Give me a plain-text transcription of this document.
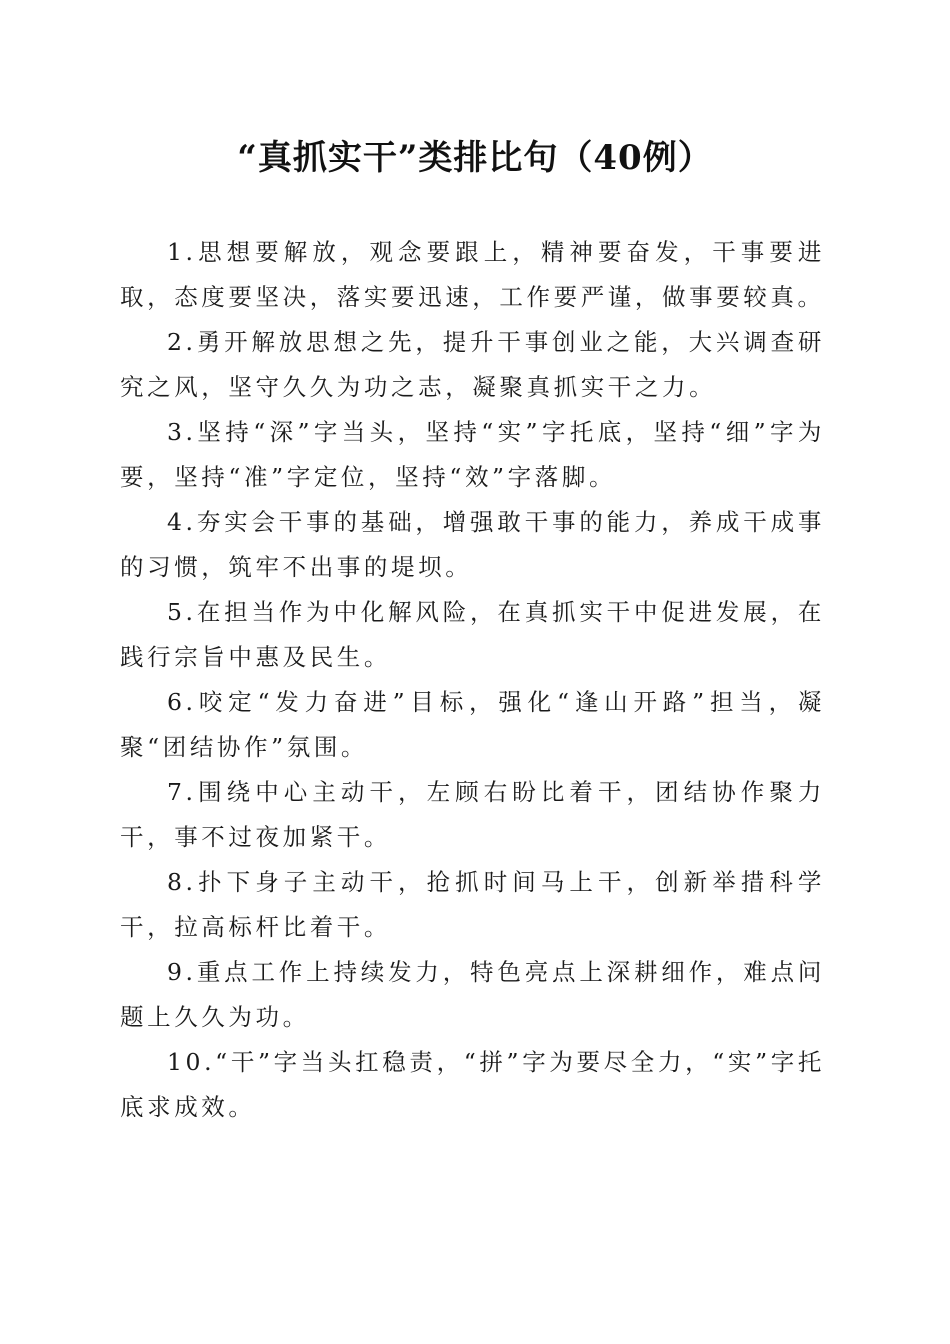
“真抓实干”类排比句（40例）

1.思想要解放，观念要跟上，精神要奋发，干事要进取，态度要坚决，落实要迅速，工作要严谨，做事要较真。

2.勇开解放思想之先，提升干事创业之能，大兴调查研究之风，坚守久久为功之志，凝聚真抓实干之力。

3.坚持“深”字当头，坚持“实”字托底，坚持“细”字为要，坚持“准”字定位，坚持“效”字落脚。

4.夯实会干事的基础，增强敢干事的能力，养成干成事的习惯，筑牢不出事的堤坝。

5.在担当作为中化解风险，在真抓实干中促进发展，在践行宗旨中惠及民生。

6.咬定“发力奋进”目标，强化“逢山开路”担当，凝聚“团结协作”氛围。

7.围绕中心主动干，左顾右盼比着干，团结协作聚力干，事不过夜加紧干。

8.扑下身子主动干，抢抓时间马上干，创新举措科学干，拉高标杆比着干。

9.重点工作上持续发力，特色亮点上深耕细作，难点问题上久久为功。

10.“干”字当头扛稳责，“拼”字为要尽全力，“实”字托底求成效。
